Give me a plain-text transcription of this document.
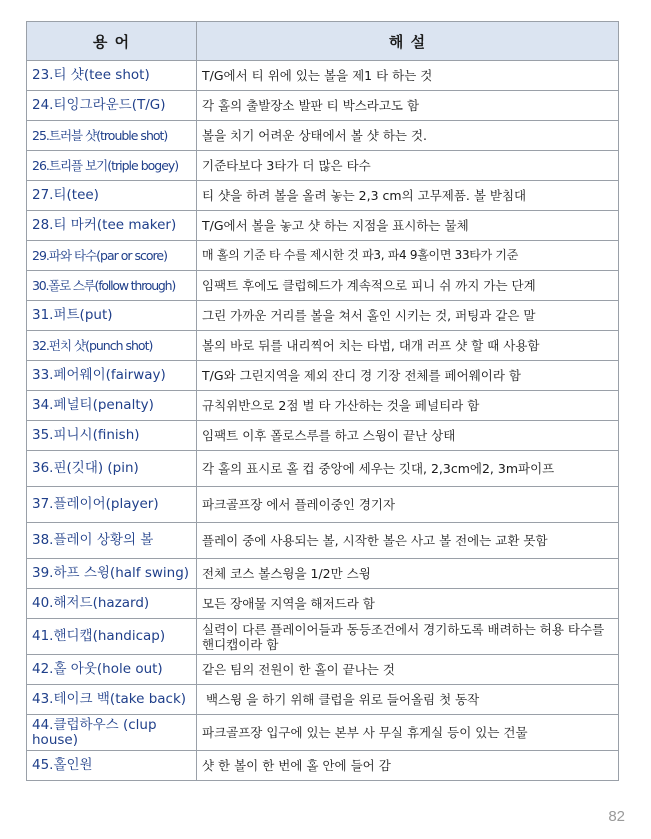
용 어	해 설
23.티 샷(tee shot)	T/G에서 티 위에 있는 볼을 제1 타 하는 것
24.티잉그라운드(T/G)	각 홀의 출발장소 발판 티 박스라고도 함
25.트러블 샷(trouble shot)	볼을 치기 어려운 상태에서 볼 샷 하는 것.
26.트리플 보기(triple bogey)	기준타보다 3타가 더 많은 타수
27.티(tee)	티 샷을 하려 볼을 올려 놓는 2,3 cm의 고무제품. 볼 받침대
28.티 마커(tee maker)	T/G에서 볼을 놓고 샷 하는 지점을 표시하는 물체
29.파와 타수(par or score)	매 홀의 기준 타 수를 제시한 것 파3, 파4 9홀이면 33타가 기준
30.폴로 스루(follow through)	임팩트 후에도 클럽헤드가 계속적으로 피니 쉬 까지 가는 단계
31.퍼트(put)	그린 가까운 거리를 볼을 쳐서 홀인 시키는 것, 퍼팅과 같은 말
32.펀치 샷(punch shot)	볼의 바로 뒤를 내리찍어 치는 타법, 대개 러프 샷 할 때 사용함
33.페어웨이(fairway)	T/G와 그린지역을 제외 잔디 경 기장 전체를 페어웨이라 함
34.페널티(penalty)	규칙위반으로 2점 벌 타 가산하는 것을 페널티라 함
35.피니시(finish)	임팩트 이후 폴로스루를 하고 스윙이 끝난 상태
36.핀(깃대) (pin)	각 홀의 표시로 홀 컵 중앙에 세우는 깃대, 2,3cm에2, 3m파이프
37.플레이어(player)	파크골프장 에서 플레이중인 경기자
38.플레이 상황의 볼	플레이 중에 사용되는 볼, 시작한 볼은 사고 볼 전에는 교환 못함
39.하프 스윙(half swing)	전체 코스 볼스윙을 1/2만 스윙
40.해저드(hazard)	모든 장애물 지역을 해저드라 함
41.핸디캡(handicap)	실력이 다른 플레이어들과 동등조건에서 경기하도록 배려하는 허용 타수를 핸디캡이라 함
42.홀 아웃(hole out)	같은 팀의 전원이 한 홀이 끝나는 것
43.테이크 백(take back)	백스윙 을 하기 위해 클럽을 위로 들어올림 첫 동작
44.클럽하우스 (clup house)	파크골프장 입구에 있는 본부 사 무실 휴게실 등이 있는 건물
45.홀인원	샷 한 볼이 한 번에 홀 안에 들어 감
82
